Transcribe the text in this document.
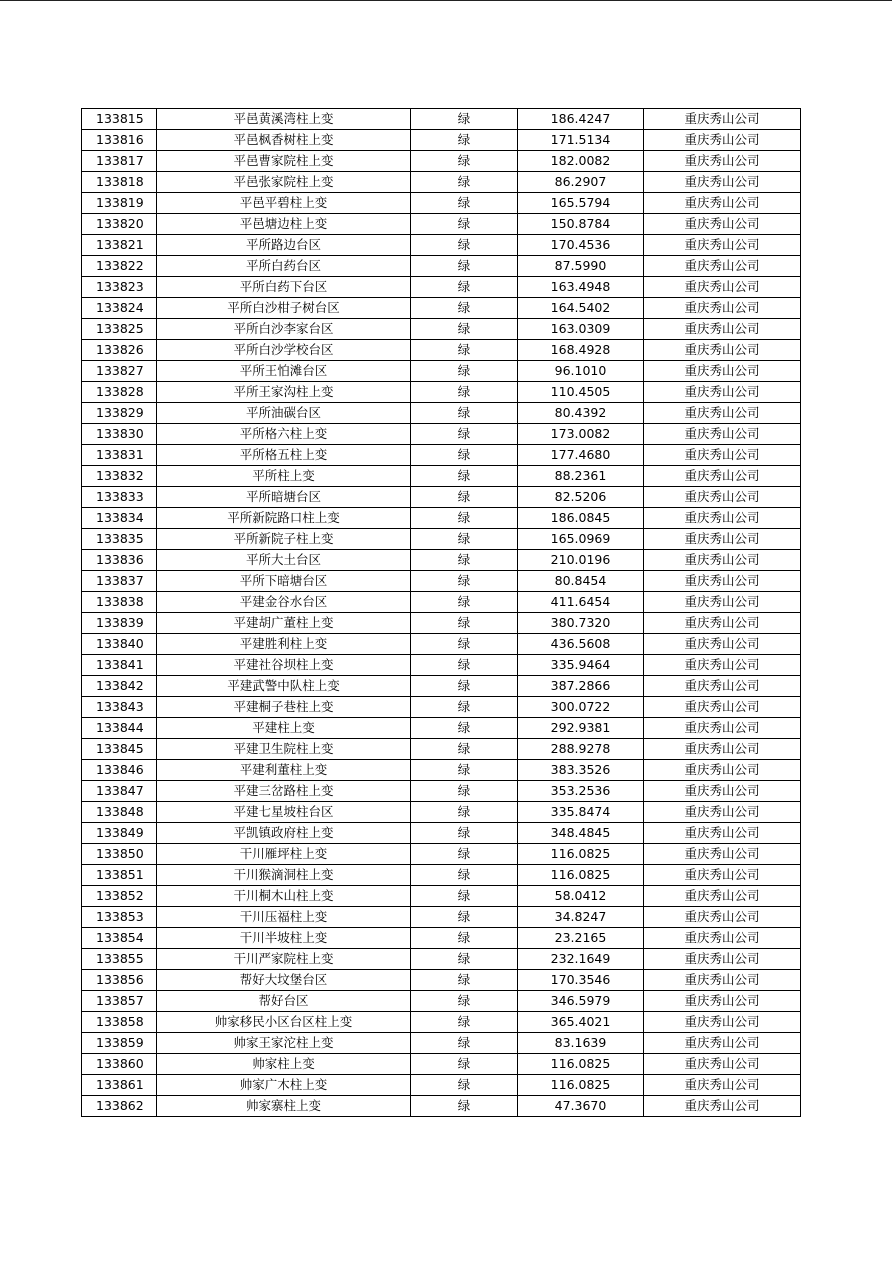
133815	平邑黄溪湾柱上变	绿	186.4247	重庆秀山公司
133816	平邑枫香树柱上变	绿	171.5134	重庆秀山公司
133817	平邑曹家院柱上变	绿	182.0082	重庆秀山公司
133818	平邑张家院柱上变	绿	86.2907	重庆秀山公司
133819	平邑平碧柱上变	绿	165.5794	重庆秀山公司
133820	平邑塘边柱上变	绿	150.8784	重庆秀山公司
133821	平所路边台区	绿	170.4536	重庆秀山公司
133822	平所白药台区	绿	87.5990	重庆秀山公司
133823	平所白药下台区	绿	163.4948	重庆秀山公司
133824	平所白沙柑子树台区	绿	164.5402	重庆秀山公司
133825	平所白沙李家台区	绿	163.0309	重庆秀山公司
133826	平所白沙学校台区	绿	168.4928	重庆秀山公司
133827	平所王怕滩台区	绿	96.1010	重庆秀山公司
133828	平所王家沟柱上变	绿	110.4505	重庆秀山公司
133829	平所油碳台区	绿	80.4392	重庆秀山公司
133830	平所格六柱上变	绿	173.0082	重庆秀山公司
133831	平所格五柱上变	绿	177.4680	重庆秀山公司
133832	平所柱上变	绿	88.2361	重庆秀山公司
133833	平所暗塘台区	绿	82.5206	重庆秀山公司
133834	平所新院路口柱上变	绿	186.0845	重庆秀山公司
133835	平所新院子柱上变	绿	165.0969	重庆秀山公司
133836	平所大土台区	绿	210.0196	重庆秀山公司
133837	平所下暗塘台区	绿	80.8454	重庆秀山公司
133838	平建金谷水台区	绿	411.6454	重庆秀山公司
133839	平建胡广董柱上变	绿	380.7320	重庆秀山公司
133840	平建胜利柱上变	绿	436.5608	重庆秀山公司
133841	平建社谷坝柱上变	绿	335.9464	重庆秀山公司
133842	平建武警中队柱上变	绿	387.2866	重庆秀山公司
133843	平建桐子巷柱上变	绿	300.0722	重庆秀山公司
133844	平建柱上变	绿	292.9381	重庆秀山公司
133845	平建卫生院柱上变	绿	288.9278	重庆秀山公司
133846	平建利董柱上变	绿	383.3526	重庆秀山公司
133847	平建三岔路柱上变	绿	353.2536	重庆秀山公司
133848	平建七星坡柱台区	绿	335.8474	重庆秀山公司
133849	平凯镇政府柱上变	绿	348.4845	重庆秀山公司
133850	干川雁坪柱上变	绿	116.0825	重庆秀山公司
133851	干川猴滴洞柱上变	绿	116.0825	重庆秀山公司
133852	干川桐木山柱上变	绿	58.0412	重庆秀山公司
133853	干川压福柱上变	绿	34.8247	重庆秀山公司
133854	干川半坡柱上变	绿	23.2165	重庆秀山公司
133855	干川严家院柱上变	绿	232.1649	重庆秀山公司
133856	帮好大坟堡台区	绿	170.3546	重庆秀山公司
133857	帮好台区	绿	346.5979	重庆秀山公司
133858	帅家移民小区台区柱上变	绿	365.4021	重庆秀山公司
133859	帅家王家沱柱上变	绿	83.1639	重庆秀山公司
133860	帅家柱上变	绿	116.0825	重庆秀山公司
133861	帅家广木柱上变	绿	116.0825	重庆秀山公司
133862	帅家寨柱上变	绿	47.3670	重庆秀山公司
